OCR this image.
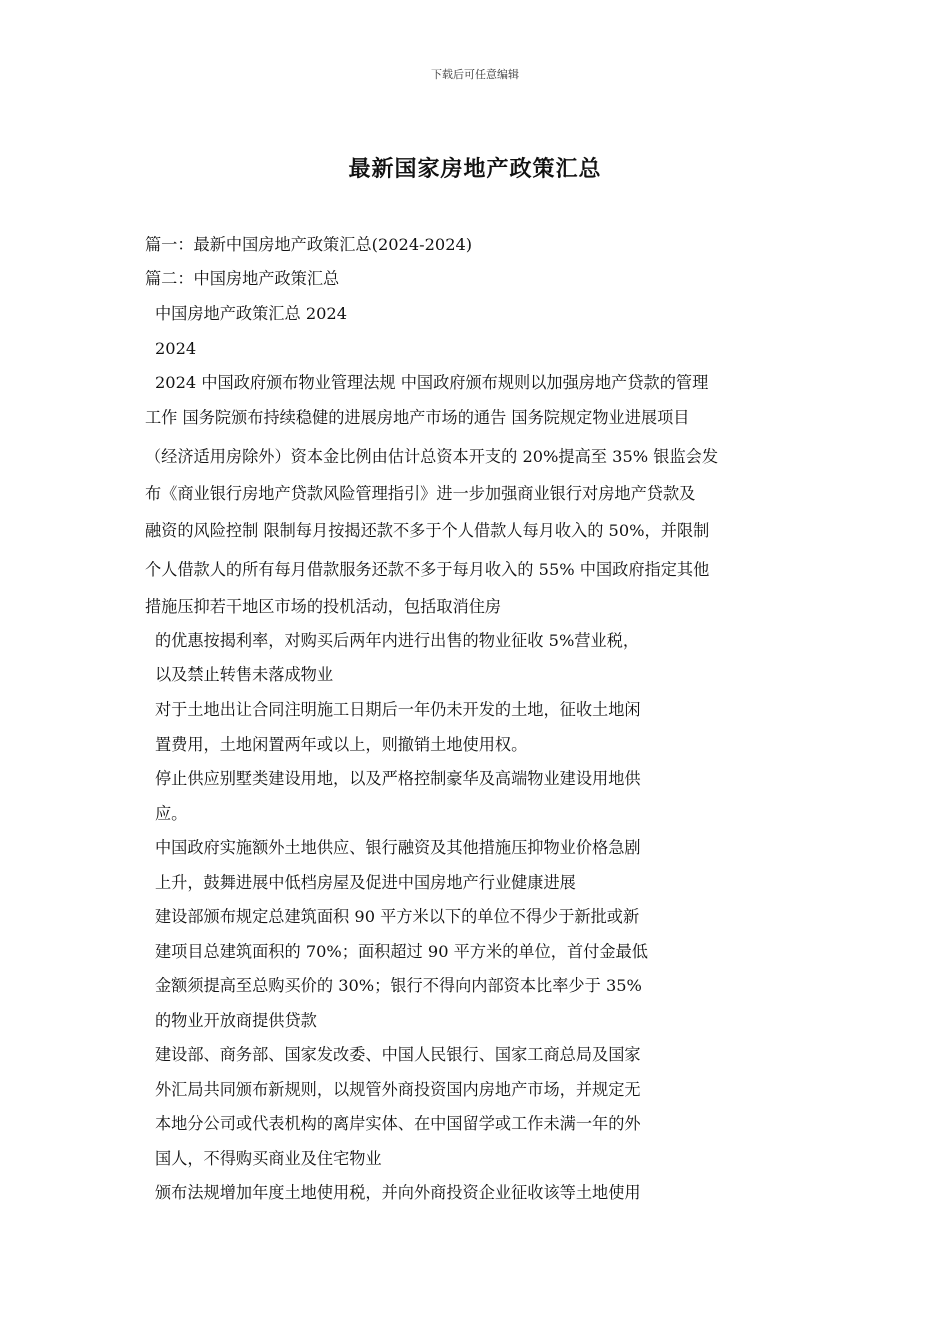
下载后可任意编辑
最新国家房地产政策汇总
篇一：最新中国房地产政策汇总(2024-2024)
篇二：中国房地产政策汇总
中国房地产政策汇总 2024
2024
2024 中国政府颁布物业管理法规 中国政府颁布规则以加强房地产贷款的管理
工作 国务院颁布持续稳健的进展房地产市场的通告 国务院规定物业进展项目
（经济适用房除外）资本金比例由估计总资本开支的 20%提高至 35% 银监会发
布《商业银行房地产贷款风险管理指引》进一步加强商业银行对房地产贷款及
融资的风险控制 限制每月按揭还款不多于个人借款人每月收入的 50%，并限制
个人借款人的所有每月借款服务还款不多于每月收入的 55% 中国政府指定其他
措施压抑若干地区市场的投机活动，包括取消住房
的优惠按揭利率，对购买后两年内进行出售的物业征收 5%营业税，
以及禁止转售未落成物业
对于土地出让合同注明施工日期后一年仍未开发的土地，征收土地闲
置费用，土地闲置两年或以上，则撤销土地使用权。
停止供应别墅类建设用地，以及严格控制豪华及高端物业建设用地供
应。
中国政府实施额外土地供应、银行融资及其他措施压抑物业价格急剧
上升，鼓舞进展中低档房屋及促进中国房地产行业健康进展
建设部颁布规定总建筑面积 90 平方米以下的单位不得少于新批或新
建项目总建筑面积的 70%；面积超过 90 平方米的单位，首付金最低
金额须提高至总购买价的 30%；银行不得向内部资本比率少于 35%
的物业开放商提供贷款
建设部、商务部、国家发改委、中国人民银行、国家工商总局及国家
外汇局共同颁布新规则，以规管外商投资国内房地产市场，并规定无
本地分公司或代表机构的离岸实体、在中国留学或工作未满一年的外
国人，不得购买商业及住宅物业
颁布法规增加年度土地使用税，并向外商投资企业征收该等土地使用
